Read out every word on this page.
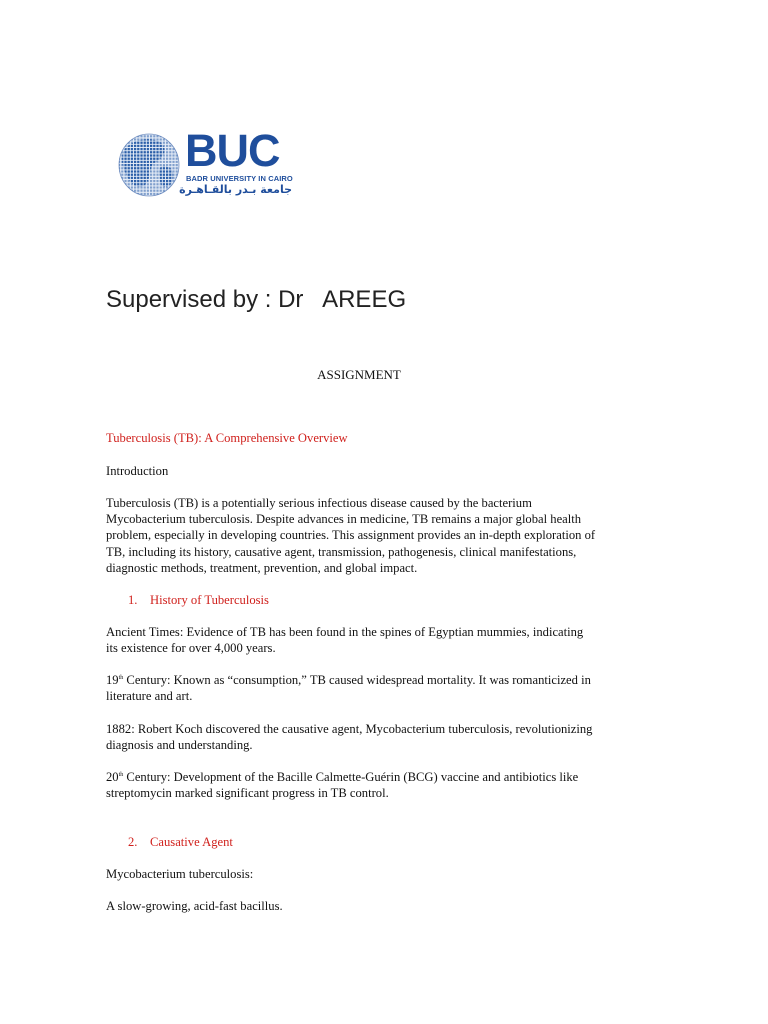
BUC
BADR UNIVERSITY IN CAIRO
جامعة بـدر بالقـاهـرة
Supervised by : Dr   AREEG
ASSIGNMENT
Tuberculosis (TB): A Comprehensive Overview
Introduction
Tuberculosis (TB) is a potentially serious infectious disease caused by the bacterium Mycobacterium tuberculosis. Despite advances in medicine, TB remains a major global health problem, especially in developing countries. This assignment provides an in-depth exploration of TB, including its history, causative agent, transmission, pathogenesis, clinical manifestations, diagnostic methods, treatment, prevention, and global impact.
1. History of Tuberculosis
Ancient Times: Evidence of TB has been found in the spines of Egyptian mummies, indicating its existence for over 4,000 years.
19th Century: Known as “consumption,” TB caused widespread mortality. It was romanticized in literature and art.
1882: Robert Koch discovered the causative agent, Mycobacterium tuberculosis, revolutionizing diagnosis and understanding.
20th Century: Development of the Bacille Calmette-Guérin (BCG) vaccine and antibiotics like streptomycin marked significant progress in TB control.
2. Causative Agent
Mycobacterium tuberculosis:
A slow-growing, acid-fast bacillus.
